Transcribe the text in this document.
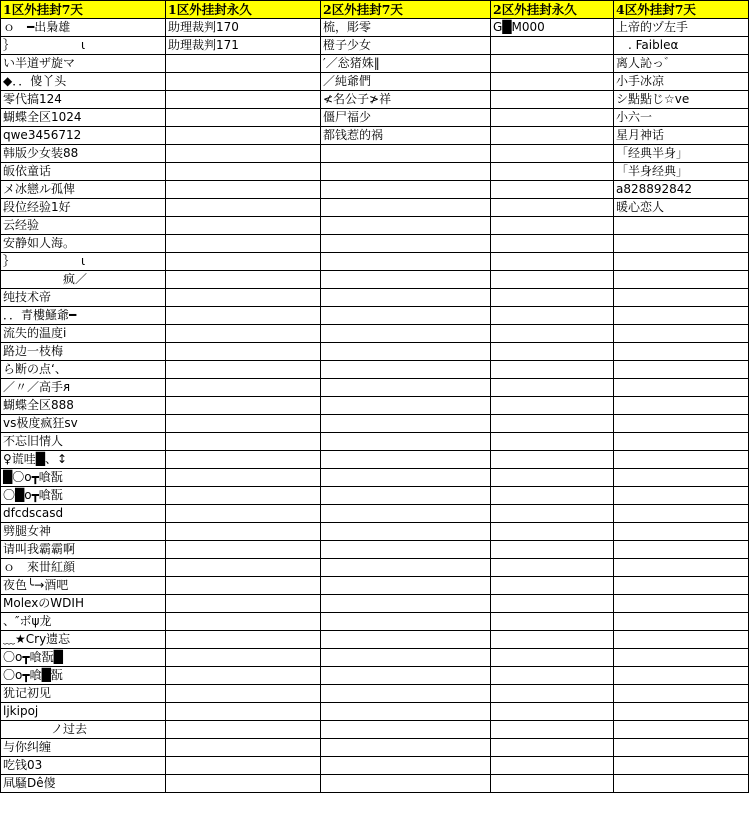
1区外挂封7天	1区外挂封永久	2区外挂封7天	2区外挂封永久	4区外挂封7天
ｏ　━出梟雄	助理裁判170	梳，彫零	G█M000	上帝的ヅ左手
｝　　　　　　ι	助理裁判171	橙子少女		　. Faibleα
い半道ザ旋マ		′／忩猪姝‖		离人訫っ゛
◆．．傻丫头		／純爺們		小手冰凉
零代搞124		≮名公子≯祥		シ點點じ☆ve
蝴蝶全区1024		僵尸福少		小六一
qwe3456712		都钱惹的祸		星月神话
韩版少女装88				「经典半身」
皈依童话				「半身经典」
メ冰戀ル孤俾				a828892842
段位经验1好				暖心恋人
云经验				
安静如人海。				
｝　　　　　　ι				
　　　　　疯／				
纯技术帝				
．．青樓鰠爺━				
流失的温度i				
路边一枝梅				
ら断の点‘、				
／〃／高手ᴙ				
蝴蝶全区888				
vs极度疯狂sv				
不忘旧情人				
♀谎哇█、↕				
█〇o┳喰翫				
〇█o┳喰翫				
dfcdscasd				
劈腿女神				
请叫我霸霸啊				
ｏ　來丗紅顔				
夜色╰→酒吧				
MolexのWDIH				
、″ボψ龙				
﹏★Cry遗忘				
〇o┳喰翫█				
〇o┳喰█翫				
犹记初见				
ljkipoj				
　　　　ノ过去				
与你纠缠				
吃钱03				
凬騷Dê傻				
